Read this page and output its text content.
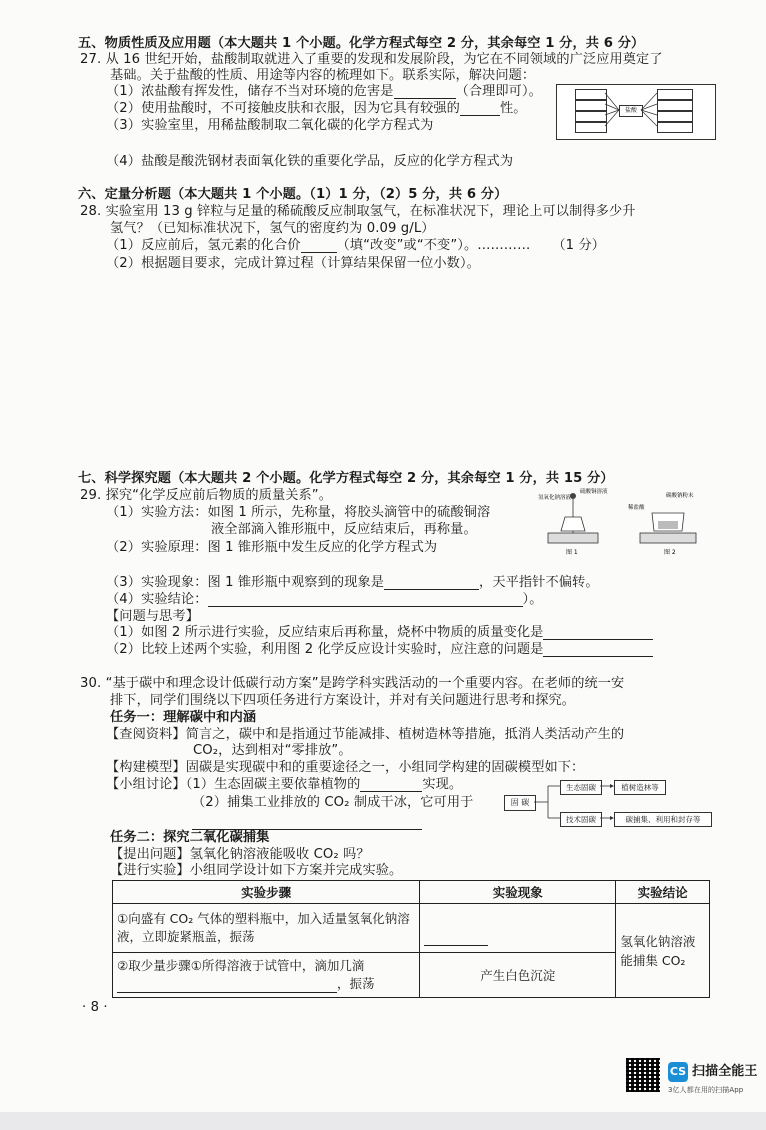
五、物质性质及应用题（本大题共 1 个小题。化学方程式每空 2 分，其余每空 1 分，共 6 分）
27. 从 16 世纪开始，盐酸制取就进入了重要的发现和发展阶段，为它在不同领域的广泛应用奠定了
基础。关于盐酸的性质、用途等内容的梳理如下。联系实际，解决问题：
（1）浓盐酸有挥发性，储存不当对环境的危害是	（合理即可）。
（2）使用盐酸时，不可接触皮肤和衣服，因为它具有较强的	性。
（3）实验室里，用稀盐酸制取二氧化碳的化学方程式为
（4）盐酸是酸洗钢材表面氧化铁的重要化学品，反应的化学方程式为
盐酸
六、定量分析题（本大题共 1 个小题。（1）1 分，（2）5 分，共 6 分）
28. 实验室用 13 g 锌粒与足量的稀硫酸反应制取氢气，在标准状况下，理论上可以制得多少升
氢气？（已知标准状况下，氢气的密度约为 0.09 g/L）
（1）反应前后，氢元素的化合价	（填“改变”或“不变”）。………… （1 分）
（2）根据题目要求，完成计算过程（计算结果保留一位小数）。
七、科学探究题（本大题共 2 个小题。化学方程式每空 2 分，其余每空 1 分，共 15 分）
29. 探究“化学反应前后物质的质量关系”。
（1）实验方法：如图 1 所示，先称量，将胶头滴管中的硫酸铜溶
液全部滴入锥形瓶中，反应结束后，再称量。
（2）实验原理：图 1 锥形瓶中发生反应的化学方程式为
（3）实验现象：图 1 锥形瓶中观察到的现象是	，天平指针不偏转。
（4）实验结论：	）。
【问题与思考】
（1）如图 2 所示进行实验，反应结束后再称量，烧杯中物质的质量变化是
（2）比较上述两个实验，利用图 2 化学反应设计实验时，应注意的问题是
氢氧化钠溶液
硫酸铜溶液
图 1
稀盐酸
碳酸钠粉末
图 2
30. “基于碳中和理念设计低碳行动方案”是跨学科实践活动的一个重要内容。在老师的统一安
排下，同学们围绕以下四项任务进行方案设计，并对有关问题进行思考和探究。
任务一：理解碳中和内涵
【查阅资料】简言之，碳中和是指通过节能减排、植树造林等措施，抵消人类活动产生的
CO₂，达到相对“零排放”。
【构建模型】固碳是实现碳中和的重要途径之一，小组同学构建的固碳模型如下：
【小组讨论】（1）生态固碳主要依靠植物的	实现。
（2）捕集工业排放的 CO₂ 制成干冰，它可用于	固 碳
生态固碳	植树造林等
技术固碳	碳捕集、利用和封存等
任务二：探究二氧化碳捕集
【提出问题】氢氧化钠溶液能吸收 CO₂ 吗？
【进行实验】小组同学设计如下方案并完成实验。
实验步骤	实验现象	实验结论
①向盛有 CO₂ 气体的塑料瓶中，加入适量氢氧化钠溶液，立即旋紧瓶盖，振荡		氢氧化钠溶液能捕集 CO₂
②取少量步骤①所得溶液于试管中，滴加几滴
，振荡	产生白色沉淀	
· 8 ·
CS 扫描全能王
3亿人都在用的扫描App
